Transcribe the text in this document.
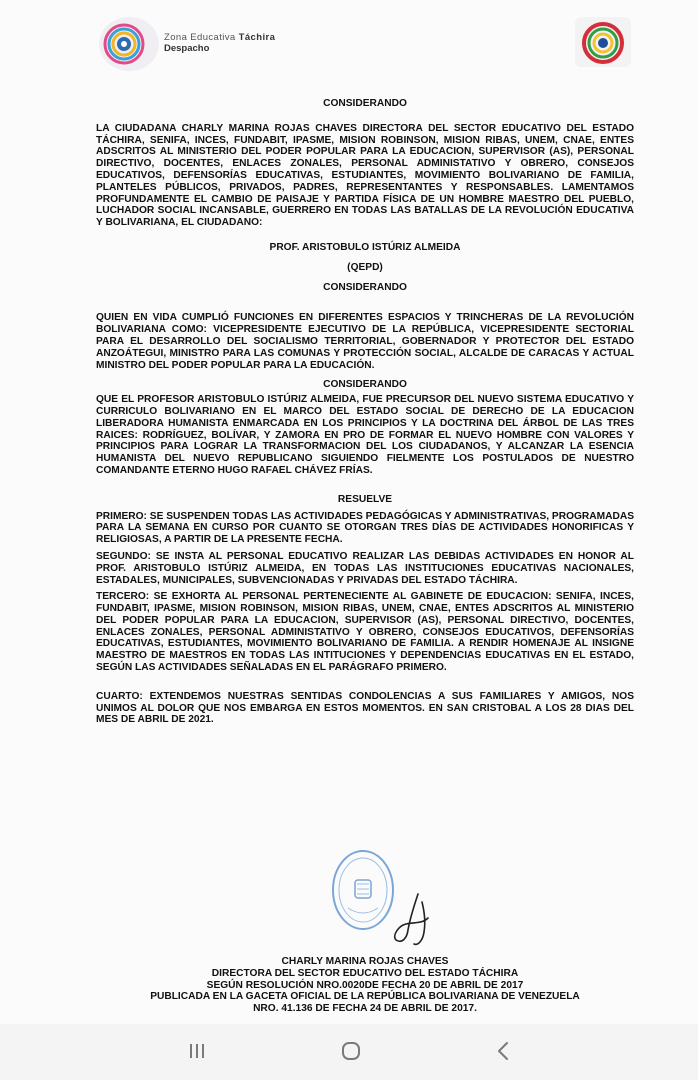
Zona Educativa Táchira
Despacho

CONSIDERANDO

LA CIUDADANA CHARLY MARINA ROJAS CHAVES DIRECTORA DEL SECTOR EDUCATIVO DEL ESTADO TÁCHIRA, SENIFA, INCES, FUNDABIT, IPASME, MISION ROBINSON, MISION RIBAS, UNEM, CNAE, ENTES ADSCRITOS AL MINISTERIO DEL PODER POPULAR PARA LA EDUCACION, SUPERVISOR (AS), PERSONAL DIRECTIVO, DOCENTES, ENLACES ZONALES, PERSONAL ADMINISTATIVO Y OBRERO, CONSEJOS EDUCATIVOS, DEFENSORÍAS EDUCATIVAS, ESTUDIANTES, MOVIMIENTO BOLIVARIANO DE FAMILIA, PLANTELES PÚBLICOS, PRIVADOS, PADRES, REPRESENTANTES Y RESPONSABLES. LAMENTAMOS PROFUNDAMENTE EL CAMBIO DE PAISAJE Y PARTIDA FÍSICA DE UN HOMBRE MAESTRO DEL PUEBLO, LUCHADOR SOCIAL INCANSABLE, GUERRERO EN TODAS LAS BATALLAS DE LA REVOLUCIÓN EDUCATIVA Y BOLIVARIANA, EL CIUDADANO:

PROF. ARISTOBULO ISTÚRIZ ALMEIDA

(QEPD)

CONSIDERANDO

QUIEN EN VIDA CUMPLIÓ FUNCIONES EN DIFERENTES ESPACIOS Y TRINCHERAS DE LA REVOLUCIÓN BOLIVARIANA COMO: VICEPRESIDENTE EJECUTIVO DE LA REPÚBLICA, VICEPRESIDENTE SECTORIAL PARA EL DESARROLLO DEL SOCIALISMO TERRITORIAL, GOBERNADOR Y PROTECTOR DEL ESTADO ANZOÁTEGUI, MINISTRO PARA LAS COMUNAS Y PROTECCIÓN SOCIAL, ALCALDE DE CARACAS Y ACTUAL MINISTRO DEL PODER POPULAR PARA LA EDUCACIÓN.

CONSIDERANDO

QUE EL PROFESOR ARISTOBULO ISTÚRIZ ALMEIDA, FUE PRECURSOR DEL NUEVO SISTEMA EDUCATIVO Y CURRICULO BOLIVARIANO EN EL MARCO DEL ESTADO SOCIAL DE DERECHO DE LA EDUCACION LIBERADORA HUMANISTA ENMARCADA EN LOS PRINCIPIOS Y LA DOCTRINA DEL ÁRBOL DE LAS TRES RAICES: RODRÍGUEZ, BOLÍVAR, Y ZAMORA EN PRO DE FORMAR EL NUEVO HOMBRE CON VALORES Y PRINCIPIOS PARA LOGRAR LA TRANSFORMACION DEL LOS CIUDADANOS, Y ALCANZAR LA ESENCIA HUMANISTA DEL NUEVO REPUBLICANO SIGUIENDO FIELMENTE LOS POSTULADOS DE NUESTRO COMANDANTE ETERNO HUGO RAFAEL CHÁVEZ FRÍAS.

RESUELVE

PRIMERO: SE SUSPENDEN TODAS LAS ACTIVIDADES PEDAGÓGICAS Y ADMINISTRATIVAS, PROGRAMADAS PARA LA SEMANA EN CURSO POR CUANTO SE OTORGAN TRES DÍAS DE ACTIVIDADES HONORIFICAS Y RELIGIOSAS, A PARTIR DE LA PRESENTE FECHA.

SEGUNDO: SE INSTA AL PERSONAL EDUCATIVO REALIZAR LAS DEBIDAS ACTIVIDADES EN HONOR AL PROF. ARISTOBULO ISTÚRIZ ALMEIDA, EN TODAS LAS INSTITUCIONES EDUCATIVAS NACIONALES, ESTADALES, MUNICIPALES, SUBVENCIONADAS Y PRIVADAS DEL ESTADO TÁCHIRA.

TERCERO: SE EXHORTA AL PERSONAL PERTENECIENTE AL GABINETE DE EDUCACION: SENIFA, INCES, FUNDABIT, IPASME, MISION ROBINSON, MISION RIBAS, UNEM, CNAE, ENTES ADSCRITOS AL MINISTERIO DEL PODER POPULAR PARA LA EDUCACION, SUPERVISOR (AS), PERSONAL DIRECTIVO, DOCENTES, ENLACES ZONALES, PERSONAL ADMINISTATIVO Y OBRERO, CONSEJOS EDUCATIVOS, DEFENSORÍAS EDUCATIVAS, ESTUDIANTES, MOVIMIENTO BOLIVARIANO DE FAMILIA. A RENDIR HOMENAJE AL INSIGNE MAESTRO DE MAESTROS EN TODAS LAS INTITUCIONES Y DEPENDENCIAS EDUCATIVAS EN EL ESTADO, SEGÚN LAS ACTIVIDADES SEÑALADAS EN EL PARÁGRAFO PRIMERO.

CUARTO: EXTENDEMOS NUESTRAS SENTIDAS CONDOLENCIAS A SUS FAMILIARES Y AMIGOS, NOS UNIMOS AL DOLOR QUE NOS EMBARGA EN ESTOS MOMENTOS. EN SAN CRISTOBAL A LOS 28 DIAS DEL MES DE ABRIL DE 2021.

CHARLY MARINA ROJAS CHAVES
DIRECTORA DEL SECTOR EDUCATIVO DEL ESTADO TÁCHIRA
SEGÚN RESOLUCIÓN NRO.0020DE FECHA 20 DE ABRIL DE 2017
PUBLICADA EN LA GACETA OFICIAL DE LA REPÚBLICA BOLIVARIANA DE VENEZUELA
NRO. 41.136 DE FECHA 24 DE ABRIL DE 2017.
